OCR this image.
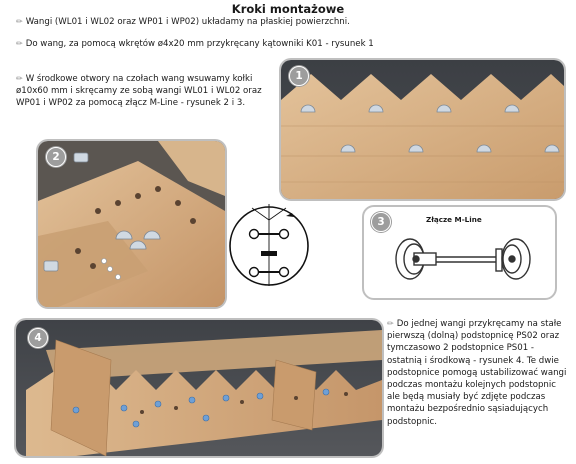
Kroki montażowe
✏ Wangi (WL01 i WL02 oraz WP01 i WP02) układamy na płaskiej powierzchni.
✏ Do wang, za pomocą wkrętów ø4x20 mm przykręcany kątowniki K01 - rysunek 1
✏ W środkowe otwory na czołach wang wsuwamy kołki ø10x60 mm i skręcamy ze sobą wangi WL01 i WL02 oraz WP01 i WP02 za pomocą złącz M-Line - rysunek 2 i 3.
✏ Do jednej wangi przykręcamy na stałe pierwszą (dolną) podstopnicę PS02 oraz tymczasowo 2 podstopnice PS01 - ostatnią i środkową - rysunek 4. Te dwie podstopnice pomogą ustabilizować wangi podczas montażu kolejnych podstopnic ale będą musiały być zdjęte podczas montażu bezpośrednio sąsiadujących podstopnic.
1
2
3	Złącze M-Line
4
